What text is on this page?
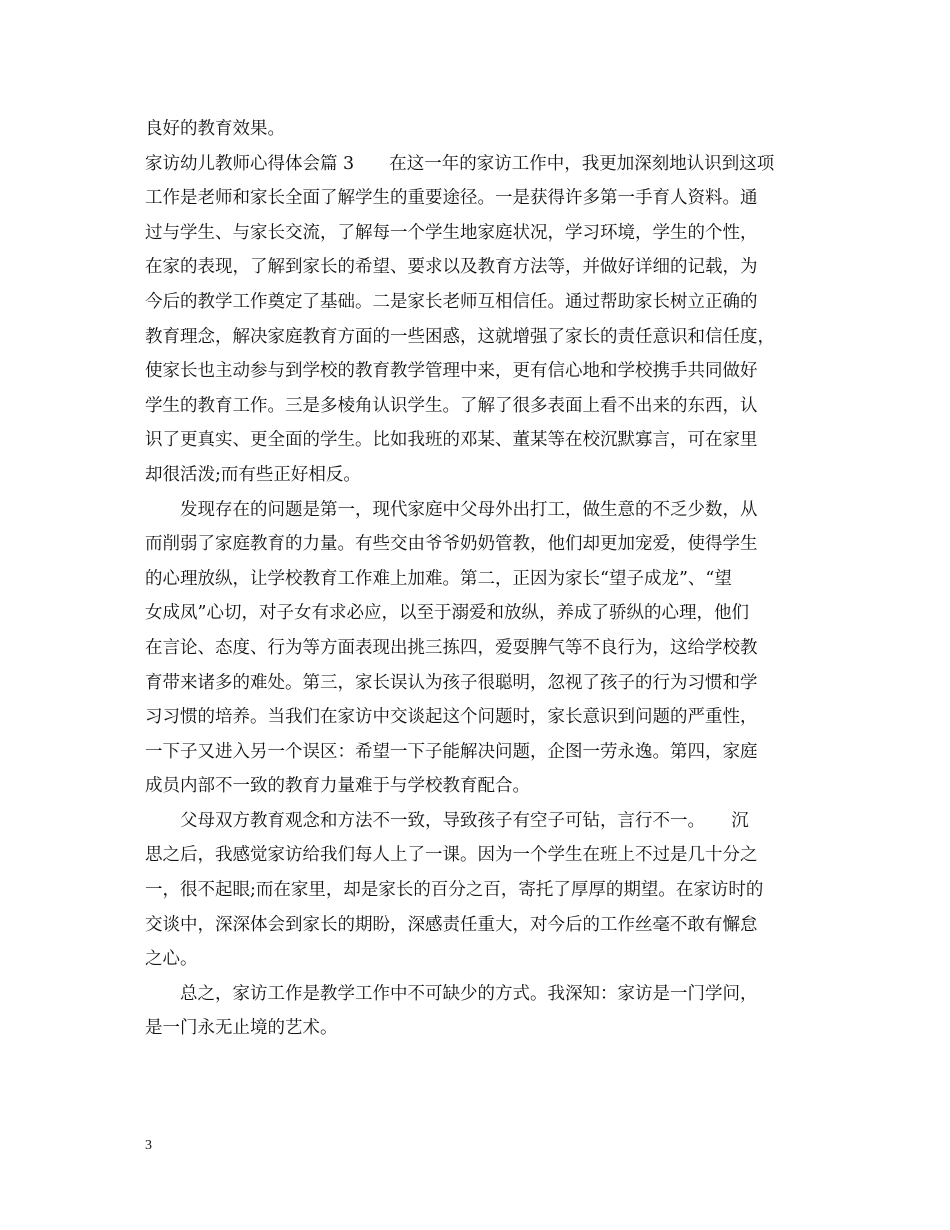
良好的教育效果。
家访幼儿教师心得体会篇 3　　在这一年的家访工作中，我更加深刻地认识到这项
工作是老师和家长全面了解学生的重要途径。一是获得许多第一手育人资料。通
过与学生、与家长交流，了解每一个学生地家庭状况，学习环境，学生的个性，
在家的表现，了解到家长的希望、要求以及教育方法等，并做好详细的记载，为
今后的教学工作奠定了基础。二是家长老师互相信任。通过帮助家长树立正确的
教育理念，解决家庭教育方面的一些困惑，这就增强了家长的责任意识和信任度，
使家长也主动参与到学校的教育教学管理中来，更有信心地和学校携手共同做好
学生的教育工作。三是多棱角认识学生。了解了很多表面上看不出来的东西，认
识了更真实、更全面的学生。比如我班的邓某、董某等在校沉默寡言，可在家里
却很活泼;而有些正好相反。
　　发现存在的问题是第一，现代家庭中父母外出打工，做生意的不乏少数，从
而削弱了家庭教育的力量。有些交由爷爷奶奶管教，他们却更加宠爱，使得学生
的心理放纵，让学校教育工作难上加难。第二，正因为家长“望子成龙”、“望
女成凤”心切，对子女有求必应，以至于溺爱和放纵，养成了骄纵的心理，他们
在言论、态度、行为等方面表现出挑三拣四，爱耍脾气等不良行为，这给学校教
育带来诸多的难处。第三，家长误认为孩子很聪明，忽视了孩子的行为习惯和学
习习惯的培养。当我们在家访中交谈起这个问题时，家长意识到问题的严重性，
一下子又进入另一个误区：希望一下子能解决问题，企图一劳永逸。第四，家庭
成员内部不一致的教育力量难于与学校教育配合。
　　父母双方教育观念和方法不一致，导致孩子有空子可钻，言行不一。　　沉
思之后，我感觉家访给我们每人上了一课。因为一个学生在班上不过是几十分之
一，很不起眼;而在家里，却是家长的百分之百，寄托了厚厚的期望。在家访时的
交谈中，深深体会到家长的期盼，深感责任重大，对今后的工作丝毫不敢有懈怠
之心。
　　总之，家访工作是教学工作中不可缺少的方式。我深知：家访是一门学问，
是一门永无止境的艺术。
3
